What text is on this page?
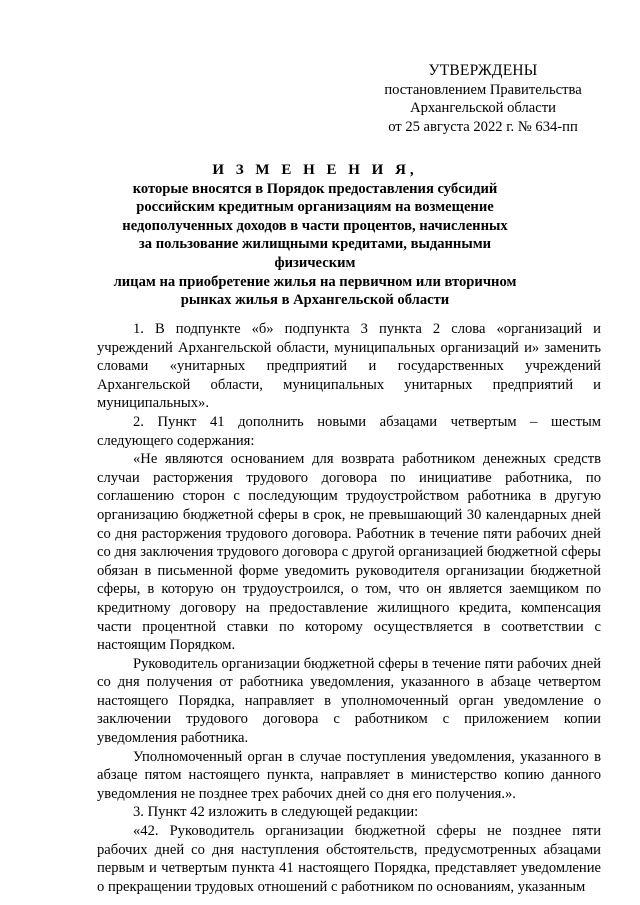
УТВЕРЖДЕНЫ
постановлением Правительства
Архангельской области
от 25 августа 2022 г. № 634-пп
И З М Е Н Е Н И Я,
которые вносятся в Порядок предоставления субсидий
российским кредитным организациям на возмещение
недополученных доходов в части процентов, начисленных
за пользование жилищными кредитами, выданными физическим
лицам на приобретение жилья на первичном или вторичном
рынках жилья в Архангельской области

1. В подпункте «б» подпункта 3 пункта 2 слова «организаций и учреждений Архангельской области, муниципальных организаций и» заменить словами «унитарных предприятий и государственных учреждений Архангельской области, муниципальных унитарных предприятий и муниципальных».

2. Пункт 41 дополнить новыми абзацами четвертым – шестым следующего содержания:

«Не являются основанием для возврата работником денежных средств случаи расторжения трудового договора по инициативе работника, по соглашению сторон с последующим трудоустройством работника в другую организацию бюджетной сферы в срок, не превышающий 30 календарных дней со дня расторжения трудового договора. Работник в течение пяти рабочих дней со дня заключения трудового договора с другой организацией бюджетной сферы обязан в письменной форме уведомить руководителя организации бюджетной сферы, в которую он трудоустроился, о том, что он является заемщиком по кредитному договору на предоставление жилищного кредита, компенсация части процентной ставки по которому осуществляется в соответствии с настоящим Порядком.

Руководитель организации бюджетной сферы в течение пяти рабочих дней со дня получения от работника уведомления, указанного в абзаце четвертом настоящего Порядка, направляет в уполномоченный орган уведомление о заключении трудового договора с работником с приложением копии уведомления работника.

Уполномоченный орган в случае поступления уведомления, указанного в абзаце пятом настоящего пункта, направляет в министерство копию данного уведомления не позднее трех рабочих дней со дня его получения.».

3. Пункт 42 изложить в следующей редакции:

«42. Руководитель организации бюджетной сферы не позднее пяти рабочих дней со дня наступления обстоятельств, предусмотренных абзацами первым и четвертым пункта 41 настоящего Порядка, представляет уведомление о прекращении трудовых отношений с работником по основаниям, указанным
